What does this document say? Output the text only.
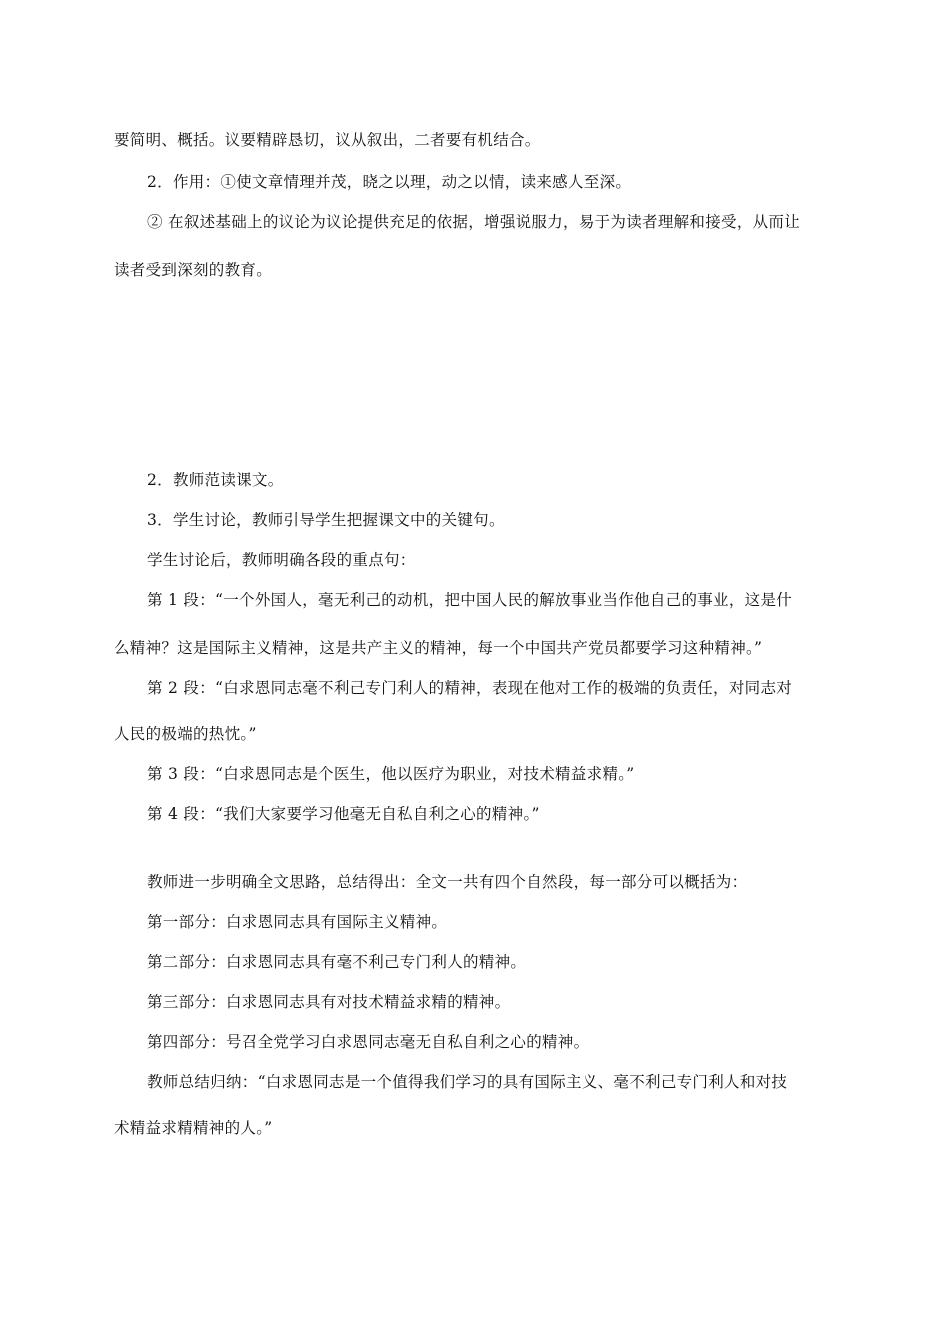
要简明、概括。议要精辟恳切，议从叙出，二者要有机结合。
2．作用：①使文章情理并茂，晓之以理，动之以情，读来感人至深。
② 在叙述基础上的议论为议论提供充足的依据，增强说服力，易于为读者理解和接受，从而让
读者受到深刻的教育。
2．教师范读课文。
3．学生讨论，教师引导学生把握课文中的关键句。
学生讨论后，教师明确各段的重点句：
第 1 段：“一个外国人，毫无利己的动机，把中国人民的解放事业当作他自己的事业，这是什
么精神？这是国际主义精神，这是共产主义的精神，每一个中国共产党员都要学习这种精神。”
第 2 段：“白求恩同志毫不利己专门利人的精神，表现在他对工作的极端的负责任，对同志对
人民的极端的热忱。”
第 3 段：“白求恩同志是个医生，他以医疗为职业，对技术精益求精。”
第 4 段：“我们大家要学习他毫无自私自利之心的精神。”
教师进一步明确全文思路，总结得出：全文一共有四个自然段，每一部分可以概括为：
第一部分：白求恩同志具有国际主义精神。
第二部分：白求恩同志具有毫不利己专门利人的精神。
第三部分：白求恩同志具有对技术精益求精的精神。
第四部分：号召全党学习白求恩同志毫无自私自利之心的精神。
教师总结归纳：“白求恩同志是一个值得我们学习的具有国际主义、毫不利己专门利人和对技
术精益求精精神的人。”
